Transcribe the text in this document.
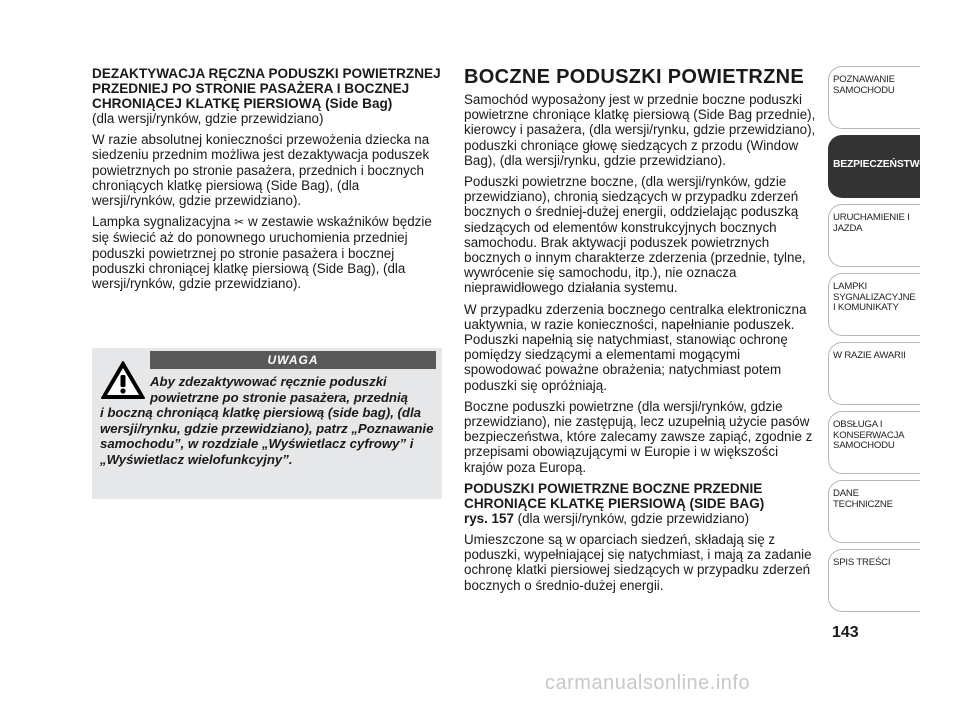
DEZAKTYWACJA RĘCZNA PODUSZKI POWIETRZNEJ PRZEDNIEJ PO STRONIE PASAŻERA I BOCZNEJ CHRONIĄCEJ KLATKĘ PIERSIOWĄ (Side Bag)
(dla wersji/rynków, gdzie przewidziano)

W razie absolutnej konieczności przewożenia dziecka na siedzeniu przednim możliwa jest dezaktywacja poduszek powietrznych po stronie pasażera, przednich i bocznych chroniących klatkę piersiową (Side Bag), (dla wersji/rynków, gdzie przewidziano).

Lampka sygnalizacyjna ✂ w zestawie wskaźników będzie się świecić aż do ponownego uruchomienia przedniej poduszki powietrznej po stronie pasażera i bocznej poduszki chroniącej klatkę piersiową (Side Bag), (dla wersji/rynków, gdzie przewidziano).

UWAGA
Aby zdezaktywować ręcznie poduszki powietrzne po stronie pasażera, przednią
i boczną chroniącą klatkę piersiową (side bag), (dla wersji/rynku, gdzie przewidziano), patrz „Poznawanie samochodu”, w rozdziale „Wyświetlacz cyfrowy” i „Wyświetlacz wielofunkcyjny”.
BOCZNE PODUSZKI POWIETRZNE

Samochód wyposażony jest w przednie boczne poduszki powietrzne chroniące klatkę piersiową (Side Bag przednie), kierowcy i pasażera, (dla wersji/rynku, gdzie przewidziano), poduszki chroniące głowę siedzących z przodu (Window Bag), (dla wersji/rynku, gdzie przewidziano).

Poduszki powietrzne boczne, (dla wersji/rynków, gdzie przewidziano), chronią siedzących w przypadku zderzeń bocznych o średniej-dużej energii, oddzielając poduszką siedzących od elementów konstrukcyjnych bocznych samochodu. Brak aktywacji poduszek powietrznych bocznych o innym charakterze zderzenia (przednie, tylne, wywrócenie się samochodu, itp.), nie oznacza nieprawidłowego działania systemu.

W przypadku zderzenia bocznego centralka elektroniczna uaktywnia, w razie konieczności, napełnianie poduszek. Poduszki napełnią się natychmiast, stanowiąc ochronę pomiędzy siedzącymi a elementami mogącymi spowodować poważne obrażenia; natychmiast potem poduszki się opróżniają.

Boczne poduszki powietrzne (dla wersji/rynków, gdzie przewidziano), nie zastępują, lecz uzupełnią użycie pasów bezpieczeństwa, które zalecamy zawsze zapiąć, zgodnie z przepisami obowiązującymi w Europie i w większości krajów poza Europą.

PODUSZKI POWIETRZNE BOCZNE PRZEDNIE CHRONIĄCE KLATKĘ PIERSIOWĄ (SIDE BAG)
rys. 157 (dla wersji/rynków, gdzie przewidziano)

Umieszczone są w oparciach siedzeń, składają się z poduszki, wypełniającej się natychmiast, i mają za zadanie ochronę klatki piersiowej siedzących w przypadku zderzeń bocznych o średnio-dużej energii.

POZNAWANIE SAMOCHODU
BEZPIECZEŃSTWO
URUCHAMIENIE I JAZDA
LAMPKI SYGNALIZACYJNE I KOMUNIKATY
W RAZIE AWARII
OBSŁUGA I KONSERWACJA SAMOCHODU
DANE TECHNICZNE
SPIS TREŚCI
143
carmanualsonline.info
